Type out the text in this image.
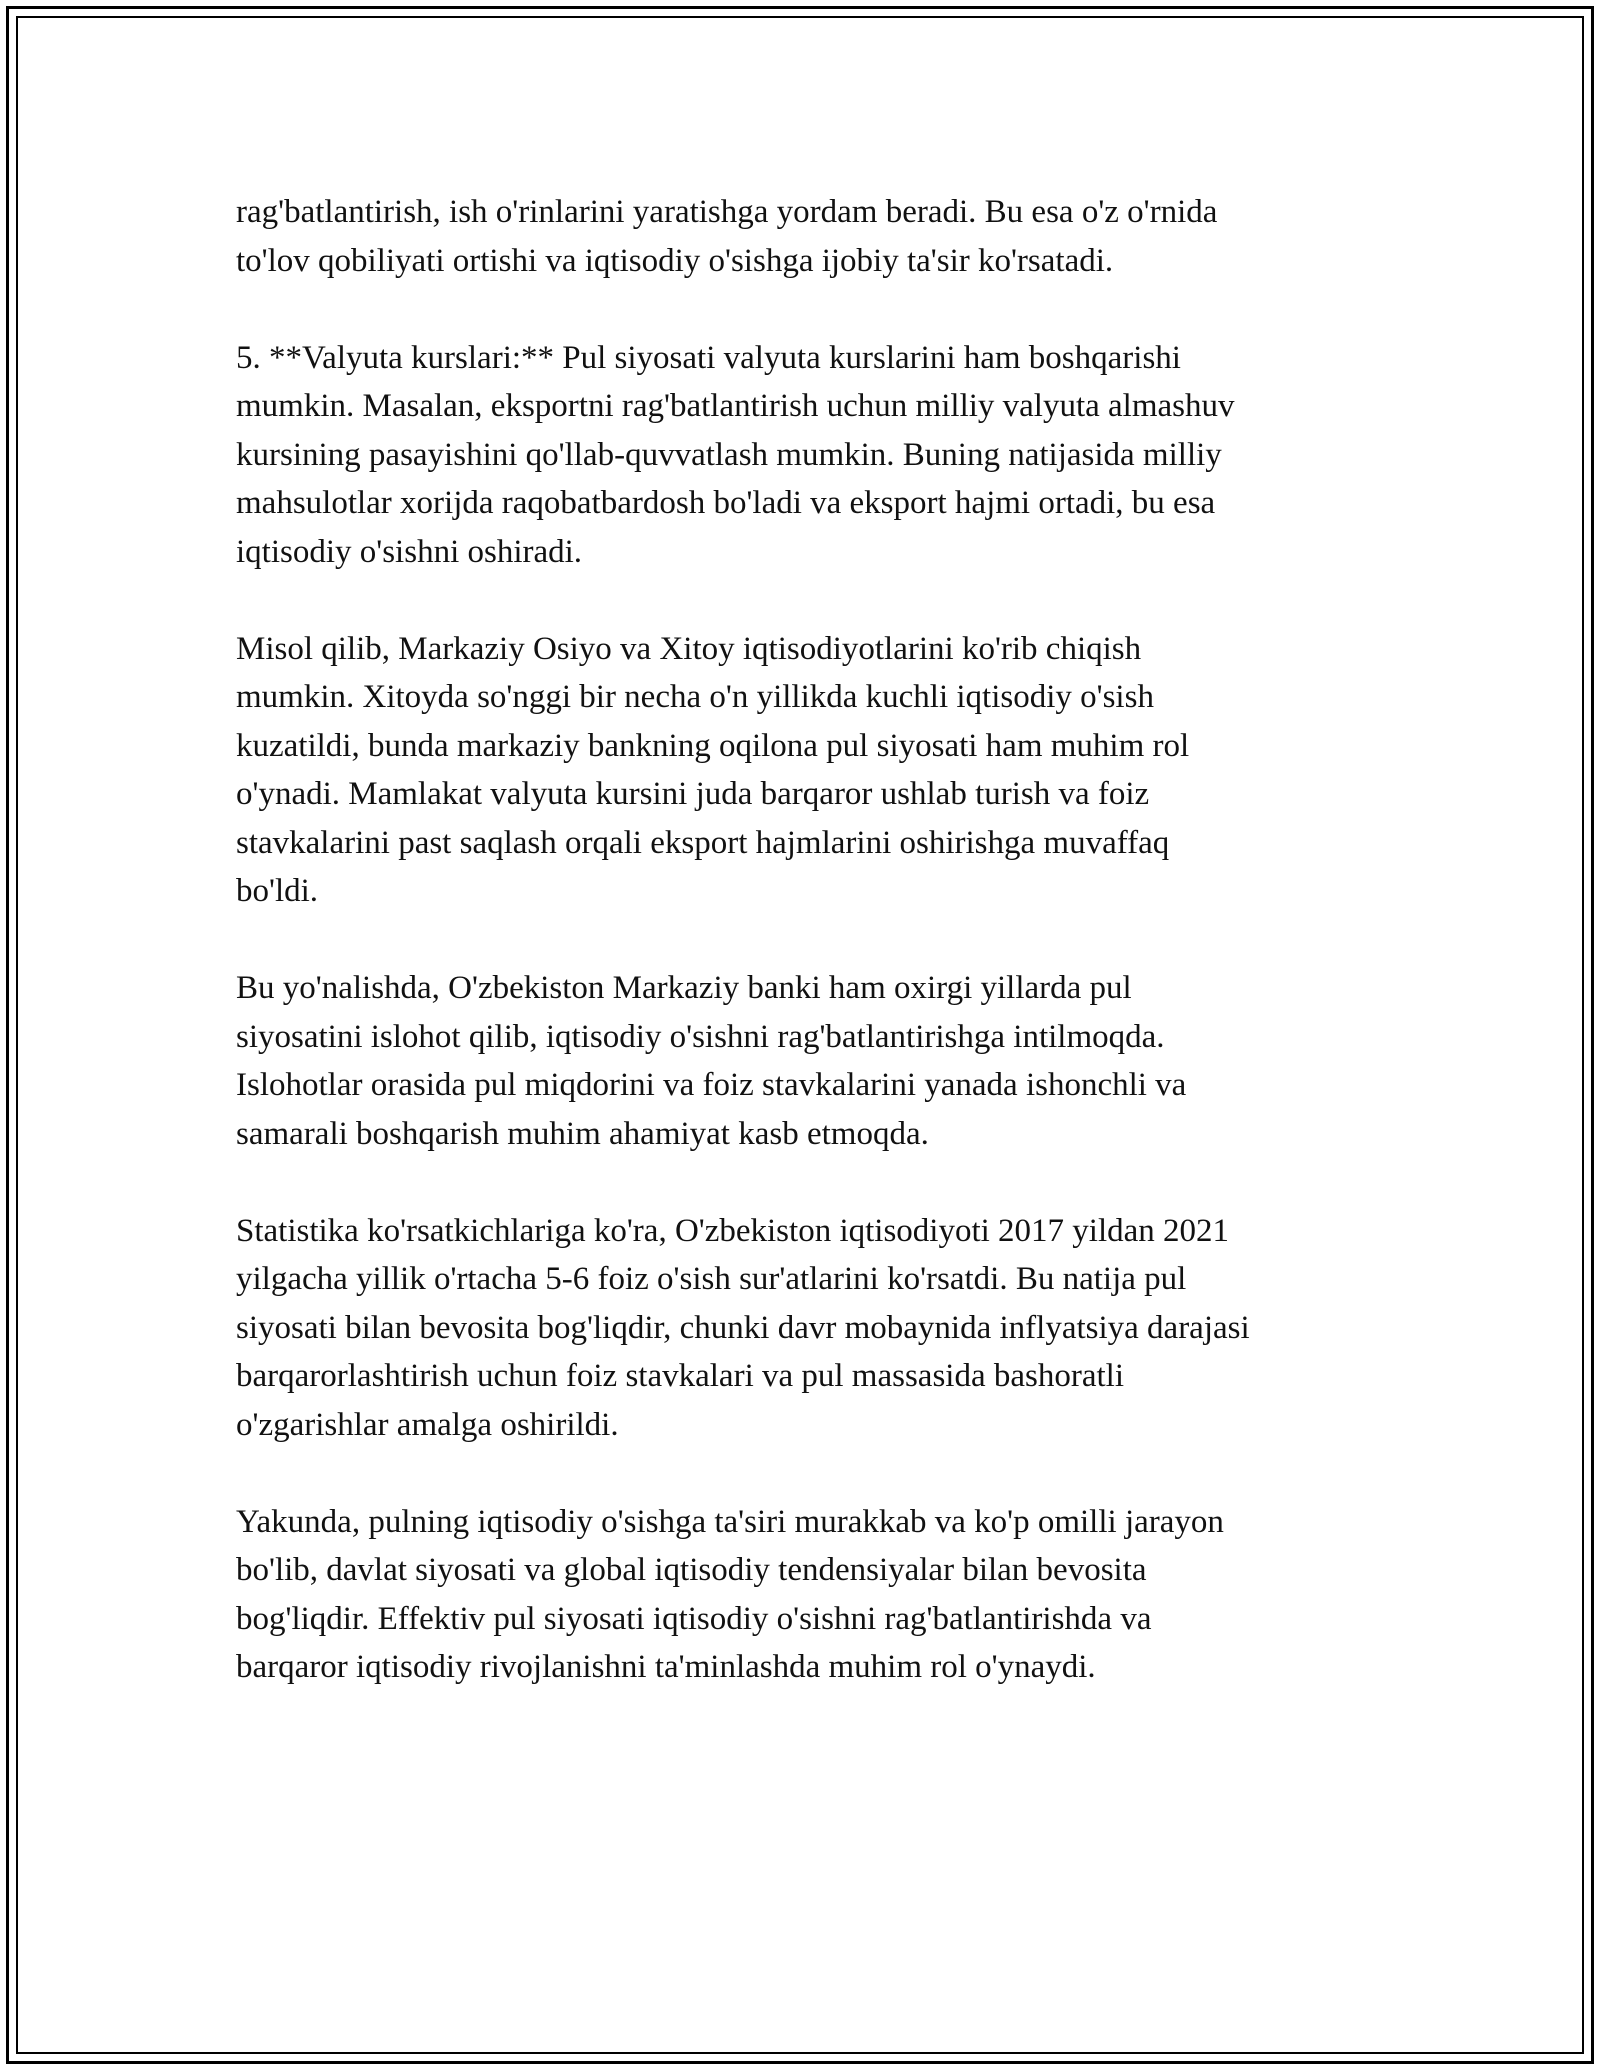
rag'batlantirish, ish o'rinlarini yaratishga yordam beradi. Bu esa o'z o'rnida
to'lov qobiliyati ortishi va iqtisodiy o'sishga ijobiy ta'sir ko'rsatadi.

5. **Valyuta kurslari:** Pul siyosati valyuta kurslarini ham boshqarishi
mumkin. Masalan, eksportni rag'batlantirish uchun milliy valyuta almashuv
kursining pasayishini qo'llab-quvvatlash mumkin. Buning natijasida milliy
mahsulotlar xorijda raqobatbardosh bo'ladi va eksport hajmi ortadi, bu esa
iqtisodiy o'sishni oshiradi.

Misol qilib, Markaziy Osiyo va Xitoy iqtisodiyotlarini ko'rib chiqish
mumkin. Xitoyda so'nggi bir necha o'n yillikda kuchli iqtisodiy o'sish
kuzatildi, bunda markaziy bankning oqilona pul siyosati ham muhim rol
o'ynadi. Mamlakat valyuta kursini juda barqaror ushlab turish va foiz
stavkalarini past saqlash orqali eksport hajmlarini oshirishga muvaffaq
bo'ldi.

Bu yo'nalishda, O'zbekiston Markaziy banki ham oxirgi yillarda pul
siyosatini islohot qilib, iqtisodiy o'sishni rag'batlantirishga intilmoqda.
Islohotlar orasida pul miqdorini va foiz stavkalarini yanada ishonchli va
samarali boshqarish muhim ahamiyat kasb etmoqda.

Statistika ko'rsatkichlariga ko'ra, O'zbekiston iqtisodiyoti 2017 yildan 2021
yilgacha yillik o'rtacha 5-6 foiz o'sish sur'atlarini ko'rsatdi. Bu natija pul
siyosati bilan bevosita bog'liqdir, chunki davr mobaynida inflyatsiya darajasi
barqarorlashtirish uchun foiz stavkalari va pul massasida bashoratli
o'zgarishlar amalga oshirildi.

Yakunda, pulning iqtisodiy o'sishga ta'siri murakkab va ko'p omilli jarayon
bo'lib, davlat siyosati va global iqtisodiy tendensiyalar bilan bevosita
bog'liqdir. Effektiv pul siyosati iqtisodiy o'sishni rag'batlantirishda va
barqaror iqtisodiy rivojlanishni ta'minlashda muhim rol o'ynaydi.
